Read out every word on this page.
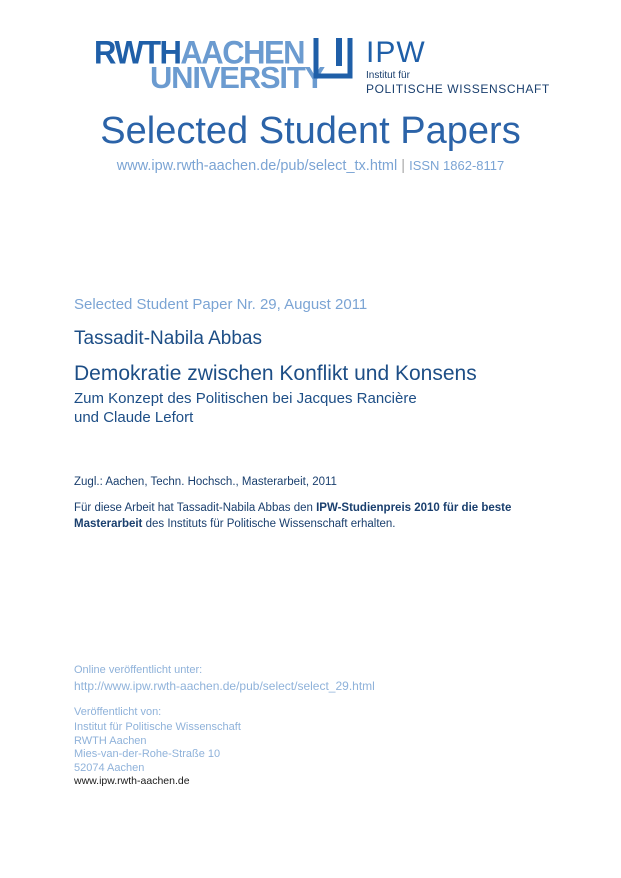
RWTHAACHEN
UNIVERSITY
IPW
Institut für
POLITISCHE WISSENSCHAFT
Selected Student Papers
www.ipw.rwth-aachen.de/pub/select_tx.html | ISSN 1862-8117
Selected Student Paper Nr. 29, August 2011
Tassadit-Nabila Abbas
Demokratie zwischen Konflikt und Konsens
Zum Konzept des Politischen bei Jacques Rancière
und Claude Lefort
Zugl.: Aachen, Techn. Hochsch., Masterarbeit, 2011
Für diese Arbeit hat Tassadit-Nabila Abbas den IPW-Studienpreis 2010 für die beste Masterarbeit des Instituts für Politische Wissenschaft erhalten.
Online veröffentlicht unter:
http://www.ipw.rwth-aachen.de/pub/select/select_29.html
Veröffentlicht von:
Institut für Politische Wissenschaft
RWTH Aachen
Mies-van-der-Rohe-Straße 10
52074 Aachen
www.ipw.rwth-aachen.de
